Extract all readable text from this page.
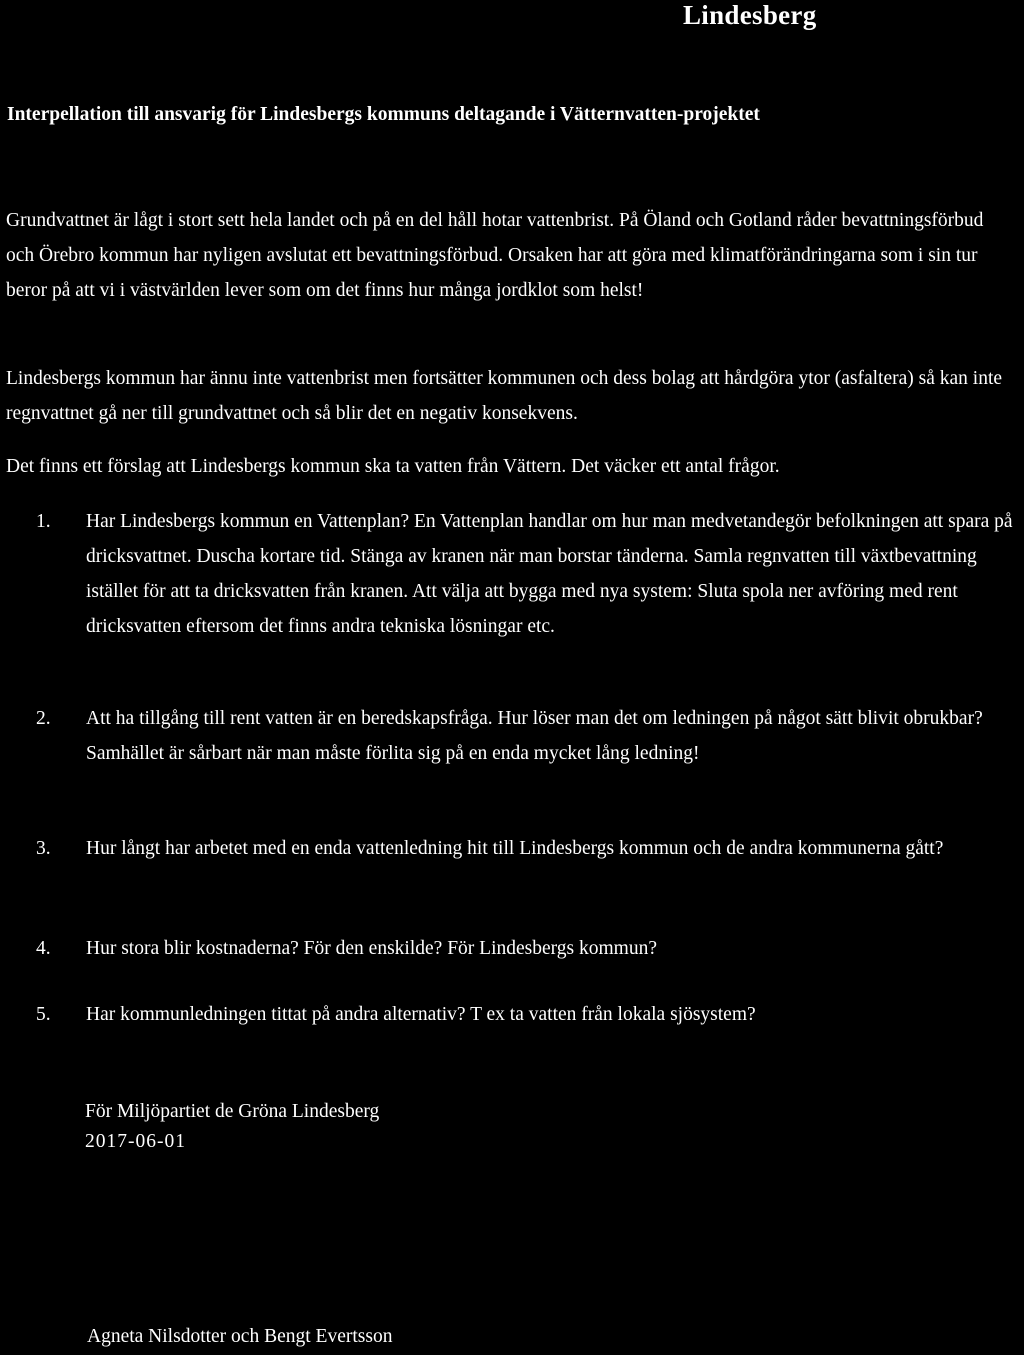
Lindesberg
Interpellation till ansvarig för Lindesbergs kommuns deltagande i Vätternvatten-projektet

Grundvattnet är lågt i stort sett hela landet och på en del håll hotar vattenbrist. På Öland och Gotland råder bevattningsförbud och Örebro kommun har nyligen avslutat ett bevattningsförbud. Orsaken har att göra med klimatförändringarna som i sin tur beror på att vi i västvärlden lever som om det finns hur många jordklot som helst!

Lindesbergs kommun har ännu inte vattenbrist men fortsätter kommunen och dess bolag att hårdgöra ytor (asfaltera) så kan inte regnvattnet gå ner till grundvattnet och så blir det en negativ konsekvens.

Det finns ett förslag att Lindesbergs kommun ska ta vatten från Vättern. Det väcker ett antal frågor.

1.	Har Lindesbergs kommun en Vattenplan? En Vattenplan handlar om hur man medvetandegör befolkningen att spara på dricksvattnet. Duscha kortare tid. Stänga av kranen när man borstar tänderna. Samla regnvatten till växtbevattning istället för att ta dricksvatten från kranen. Att välja att bygga med nya system: Sluta spola ner avföring med rent dricksvatten eftersom det finns andra tekniska lösningar etc.
2.	Att ha tillgång till rent vatten är en beredskapsfråga. Hur löser man det om ledningen på något sätt blivit obrukbar? Samhället är sårbart när man måste förlita sig på en enda mycket lång ledning!
3.	Hur långt har arbetet med en enda vattenledning hit till Lindesbergs kommun och de andra kommunerna gått?
4.	Hur stora blir kostnaderna? För den enskilde? För Lindesbergs kommun?
5.	Har kommunledningen tittat på andra alternativ? T ex ta vatten från lokala sjösystem?
För Miljöpartiet de Gröna Lindesberg
2017-06-01
Agneta Nilsdotter och Bengt Evertsson
